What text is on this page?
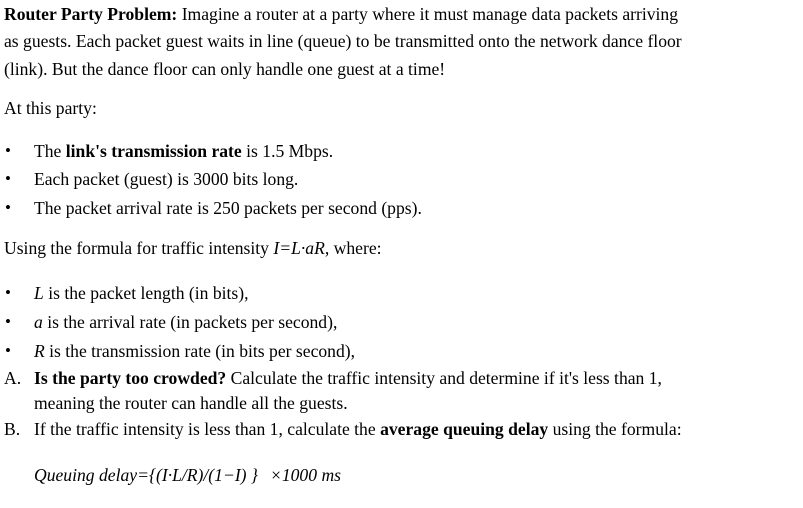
Router Party Problem: Imagine a router at a party where it must manage data packets arriving
as guests. Each packet guest waits in line (queue) to be transmitted onto the network dance floor
(link). But the dance floor can only handle one guest at a time!
At this party:
• The link's transmission rate is 1.5 Mbps.
• Each packet (guest) is 3000 bits long.
• The packet arrival rate is 250 packets per second (pps).
Using the formula for traffic intensity I=L·aR, where:
• L is the packet length (in bits),
• a is the arrival rate (in packets per second),
• R is the transmission rate (in bits per second),
A. Is the party too crowded? Calculate the traffic intensity and determine if it's less than 1,
meaning the router can handle all the guests.
B. If the traffic intensity is less than 1, calculate the average queuing delay using the formula:
Queuing delay={(I·L/R)/(1−I) } ×1000 ms
